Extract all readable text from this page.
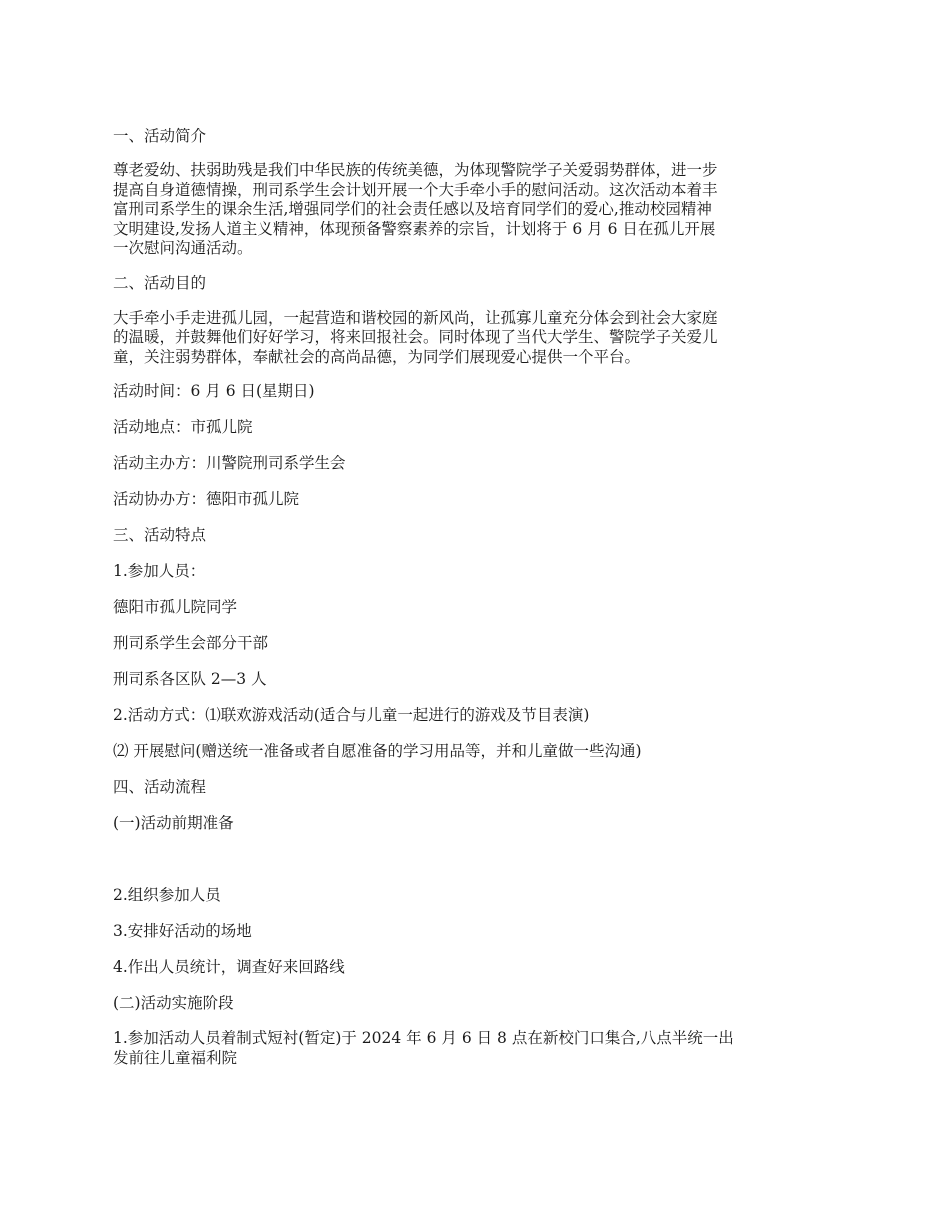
一、活动简介

尊老爱幼、扶弱助残是我们中华民族的传统美德，为体现警院学子关爱弱势群体，进一步
提高自身道德情操，刑司系学生会计划开展一个大手牵小手的慰问活动。这次活动本着丰
富刑司系学生的课余生活,增强同学们的社会责任感以及培育同学们的爱心,推动校园精神
文明建设,发扬人道主义精神，体现预备警察素养的宗旨，计划将于 6 月 6 日在孤儿开展
一次慰问沟通活动。

二、活动目的

大手牵小手走进孤儿园，一起营造和谐校园的新风尚，让孤寡儿童充分体会到社会大家庭
的温暖，并鼓舞他们好好学习，将来回报社会。同时体现了当代大学生、警院学子关爱儿
童，关注弱势群体，奉献社会的高尚品德，为同学们展现爱心提供一个平台。

活动时间：6 月 6 日(星期日)

活动地点：市孤儿院

活动主办方：川警院刑司系学生会

活动协办方：德阳市孤儿院

三、活动特点

1.参加人员：

德阳市孤儿院同学

刑司系学生会部分干部

刑司系各区队 2—3 人

2.活动方式：⑴联欢游戏活动(适合与儿童一起进行的游戏及节目表演)

⑵ 开展慰问(赠送统一准备或者自愿准备的学习用品等，并和儿童做一些沟通)

四、活动流程

(一)活动前期准备

2.组织参加人员

3.安排好活动的场地

4.作出人员统计，调查好来回路线

(二)活动实施阶段

1.参加活动人员着制式短衬(暂定)于 2024 年 6 月 6 日 8 点在新校门口集合,八点半统一出
发前往儿童福利院
